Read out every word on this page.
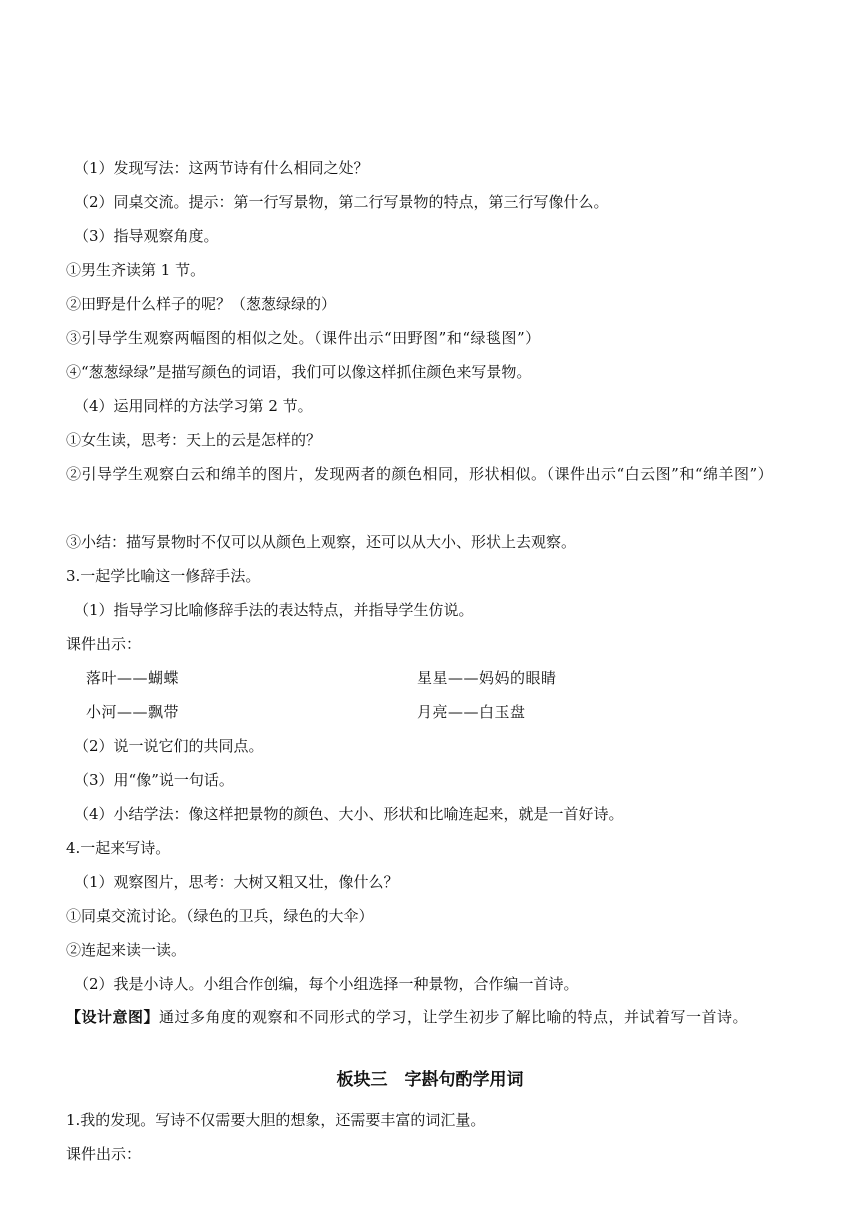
（1）发现写法：这两节诗有什么相同之处？
（2）同桌交流。提示：第一行写景物，第二行写景物的特点，第三行写像什么。
（3）指导观察角度。
①男生齐读第 1 节。
②田野是什么样子的呢？（葱葱绿绿的）
③引导学生观察两幅图的相似之处。（课件出示“田野图”和“绿毯图”）
④“葱葱绿绿”是描写颜色的词语，我们可以像这样抓住颜色来写景物。
（4）运用同样的方法学习第 2 节。
①女生读，思考：天上的云是怎样的？
②引导学生观察白云和绵羊的图片，发现两者的颜色相同，形状相似。（课件出示“白云图”和“绵羊图”）
③小结：描写景物时不仅可以从颜色上观察，还可以从大小、形状上去观察。
3.一起学比喻这一修辞手法。
（1）指导学习比喻修辞手法的表达特点，并指导学生仿说。
课件出示：
落叶——蝴蝶	星星——妈妈的眼睛
小河——飘带	月亮——白玉盘
（2）说一说它们的共同点。
（3）用“像”说一句话。
（4）小结学法：像这样把景物的颜色、大小、形状和比喻连起来，就是一首好诗。
4.一起来写诗。
（1）观察图片，思考：大树又粗又壮，像什么？
①同桌交流讨论。（绿色的卫兵，绿色的大伞）
②连起来读一读。
（2）我是小诗人。小组合作创编，每个小组选择一种景物，合作编一首诗。
【设计意图】通过多角度的观察和不同形式的学习，让学生初步了解比喻的特点，并试着写一首诗。
板块三　字斟句酌学用词
1.我的发现。写诗不仅需要大胆的想象，还需要丰富的词汇量。
课件出示：
